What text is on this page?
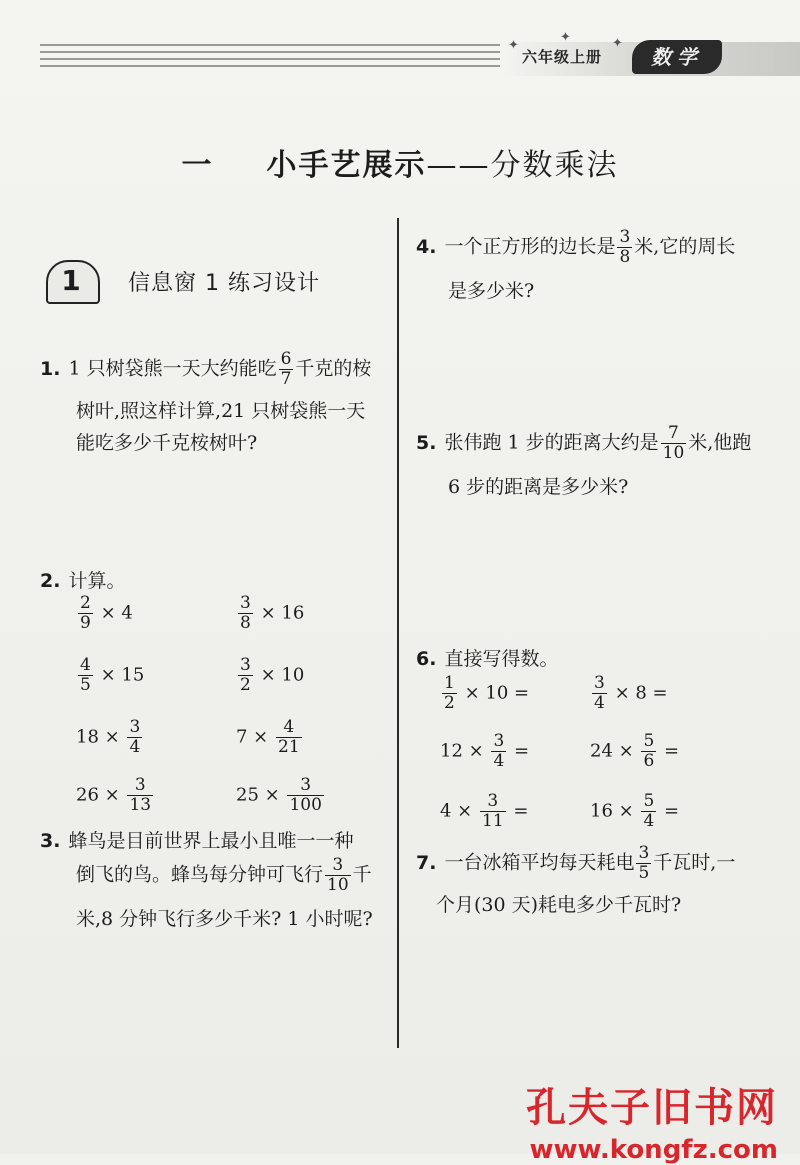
✦
✦	✦
六年级上册	数学
一 小手艺展示——分数乘法
1	信息窗 1 练习设计
1. 1 只树袋熊一天大约能吃 $\frac{6}{7}$ 千克的桉
树叶,照这样计算,21 只树袋熊一天
能吃多少千克桉树叶?
2. 计算。
$\frac{2}{9} \times 4$	$\frac{3}{8} \times 16$
$\frac{4}{5} \times 15$	$\frac{3}{2} \times 10$
$18 \times \frac{3}{4}$	$7 \times \frac{4}{21}$
$26 \times \frac{3}{13}$	$25 \times \frac{3}{100}$
3. 蜂鸟是目前世界上最小且唯一一种
倒飞的鸟。蜂鸟每分钟可飞行 $\frac{3}{10}$ 千
米,8 分钟飞行多少千米? 1 小时呢?
4. 一个正方形的边长是 $\frac{3}{8}$ 米,它的周长
是多少米?
5. 张伟跑 1 步的距离大约是 $\frac{7}{10}$ 米,他跑
6 步的距离是多少米?
6. 直接写得数。
$\frac{1}{2} \times 10$ =	$\frac{3}{4} \times 8$ =
$12 \times \frac{3}{4}$ =	$24 \times \frac{5}{6}$ =
$4 \times \frac{3}{11}$ =	$16 \times \frac{5}{4}$ =
7. 一台冰箱平均每天耗电 $\frac{3}{5}$ 千瓦时,一
个月(30 天)耗电多少千瓦时?
孔夫子旧书网
www.kongfz.com
